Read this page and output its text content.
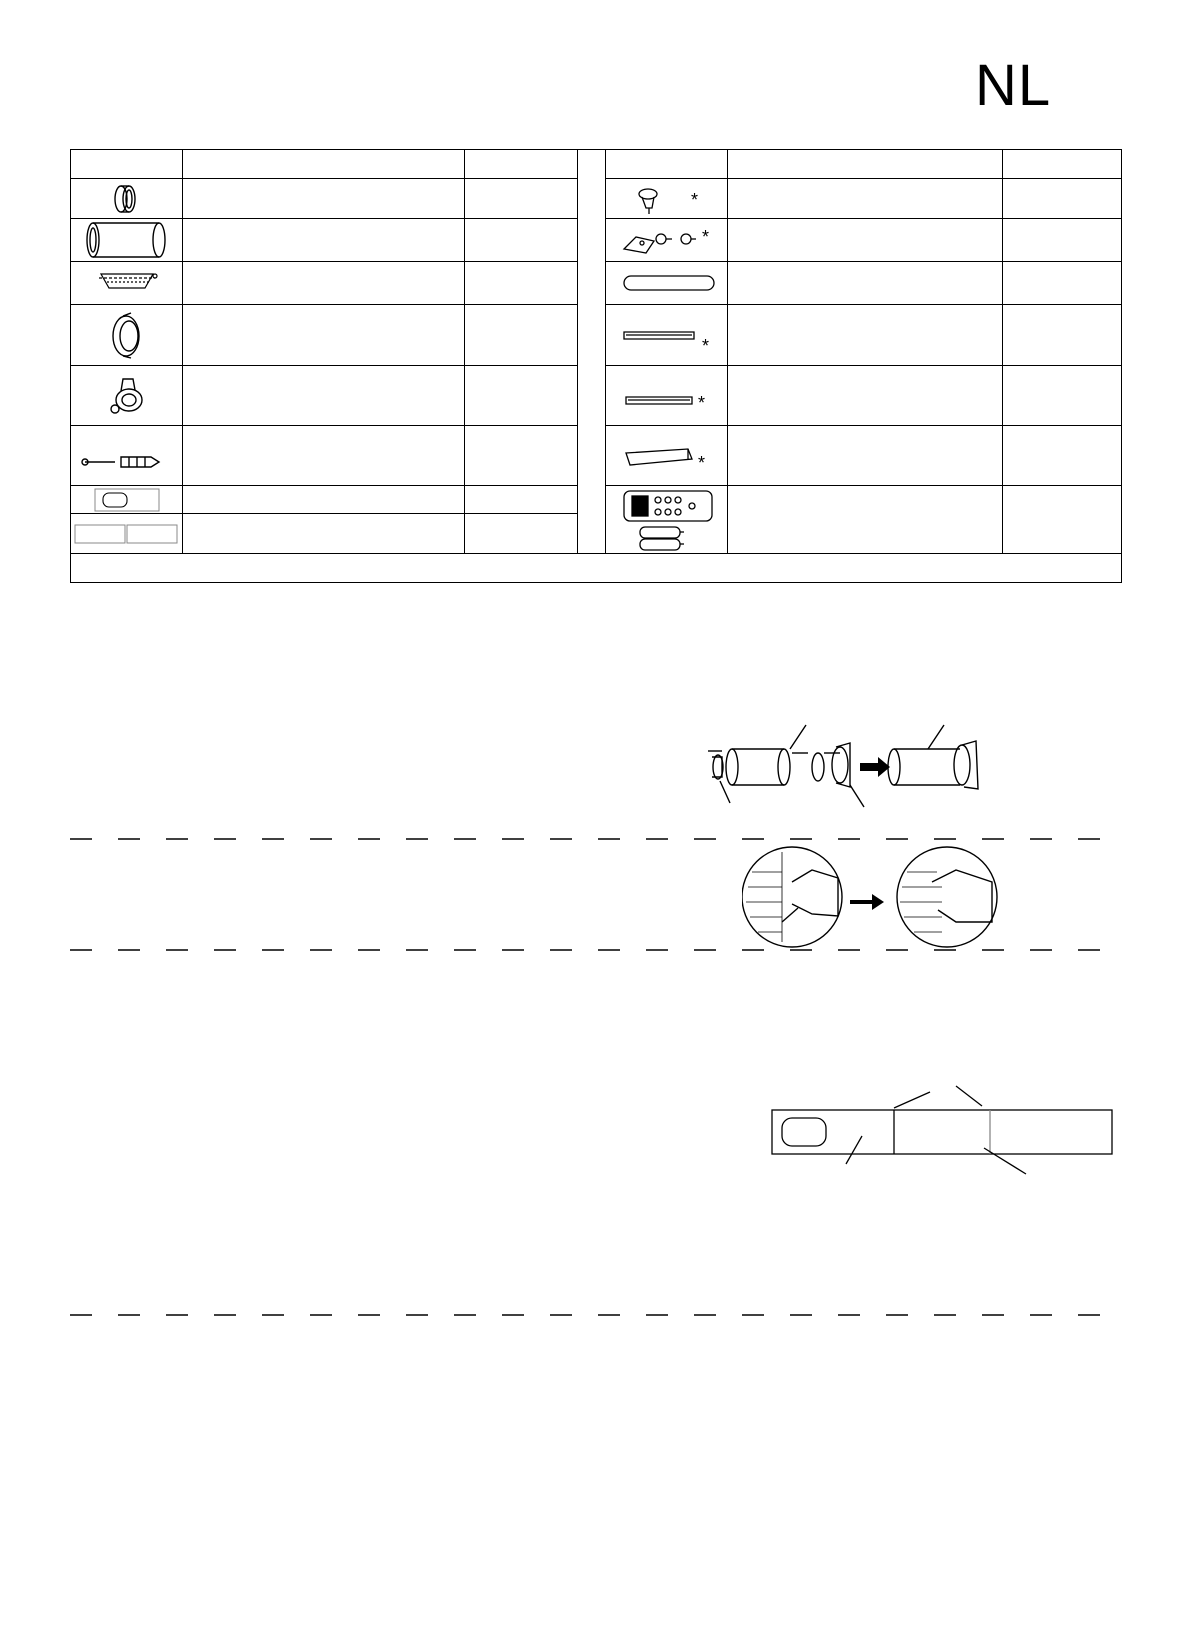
NL

*		

*		

*		

*		

*		
